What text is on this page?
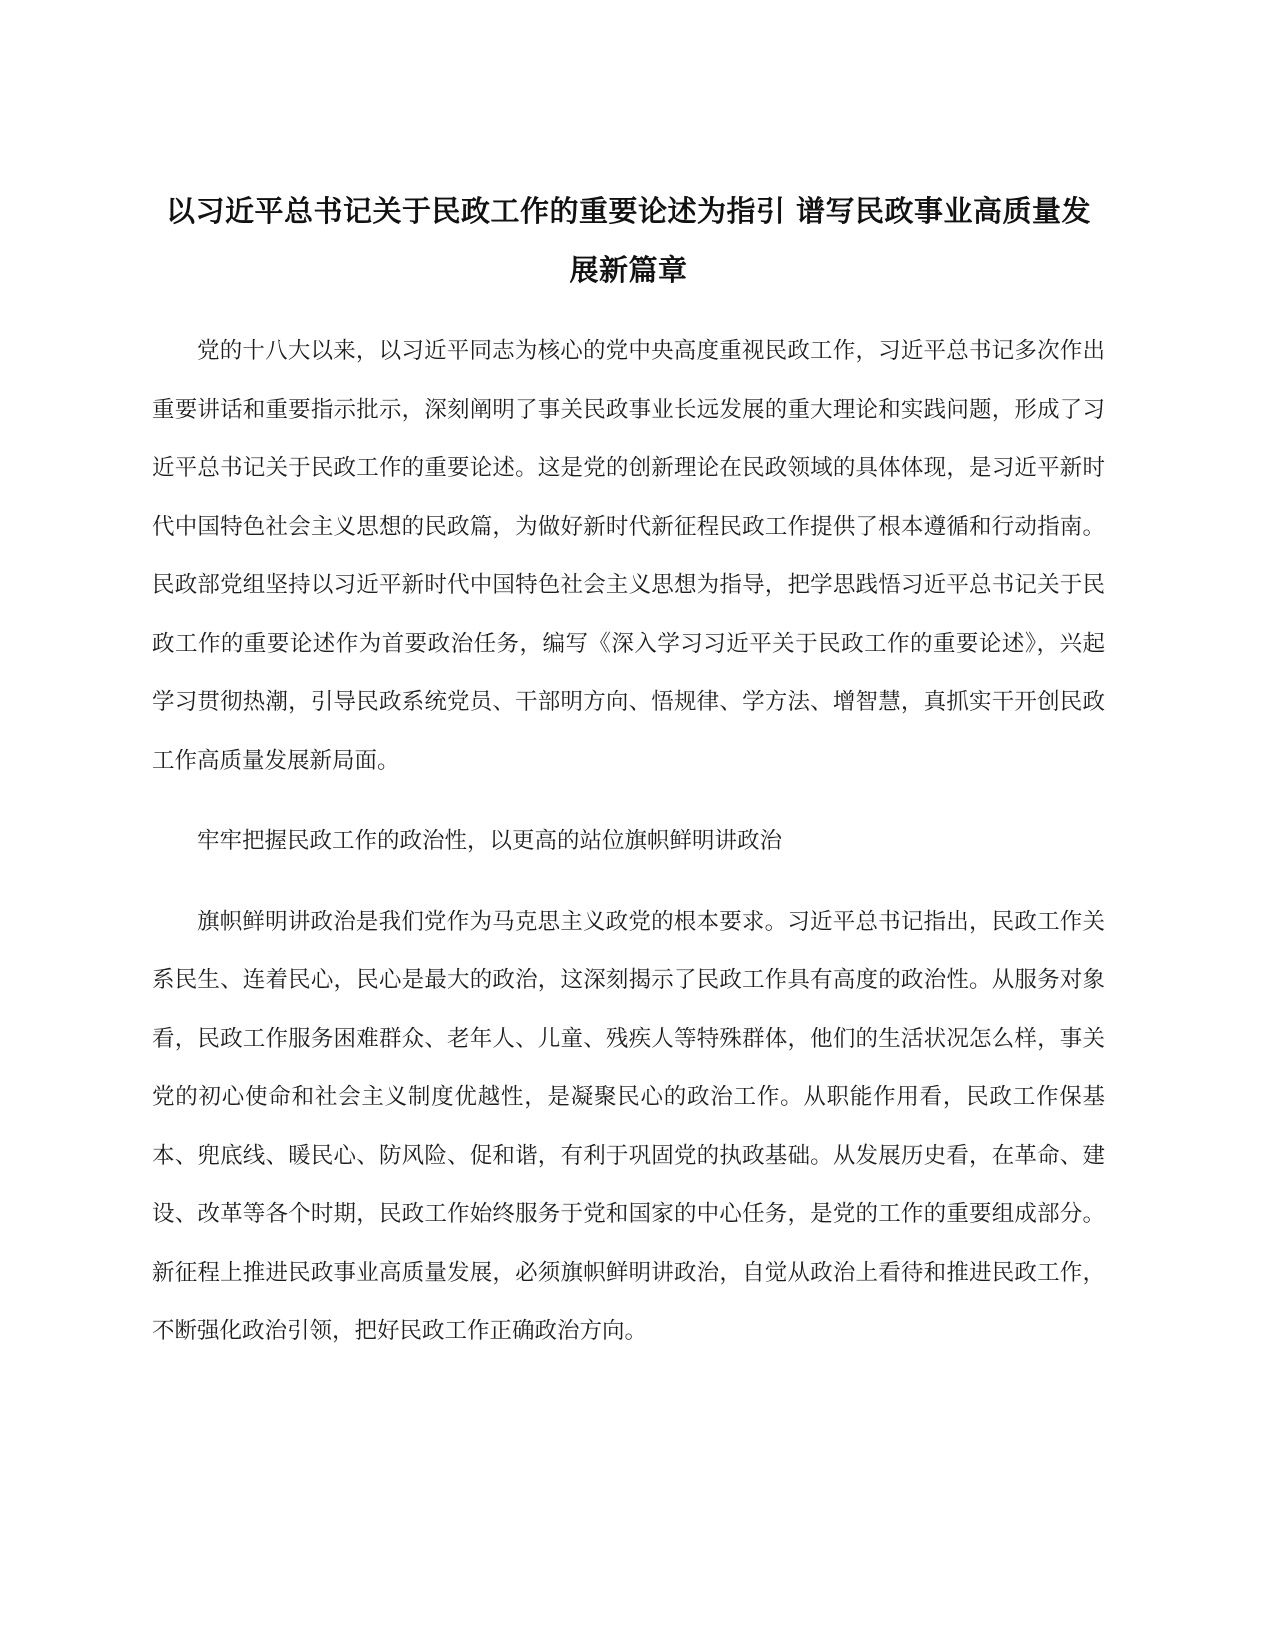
以习近平总书记关于民政工作的重要论述为指引 谱写民政事业高质量发展新篇章

党的十八大以来，以习近平同志为核心的党中央高度重视民政工作，习近平总书记多次作出重要讲话和重要指示批示，深刻阐明了事关民政事业长远发展的重大理论和实践问题，形成了习近平总书记关于民政工作的重要论述。这是党的创新理论在民政领域的具体体现，是习近平新时代中国特色社会主义思想的民政篇，为做好新时代新征程民政工作提供了根本遵循和行动指南。民政部党组坚持以习近平新时代中国特色社会主义思想为指导，把学思践悟习近平总书记关于民政工作的重要论述作为首要政治任务，编写《深入学习习近平关于民政工作的重要论述》，兴起学习贯彻热潮，引导民政系统党员、干部明方向、悟规律、学方法、增智慧，真抓实干开创民政工作高质量发展新局面。

牢牢把握民政工作的政治性，以更高的站位旗帜鲜明讲政治

旗帜鲜明讲政治是我们党作为马克思主义政党的根本要求。习近平总书记指出，民政工作关系民生、连着民心，民心是最大的政治，这深刻揭示了民政工作具有高度的政治性。从服务对象看，民政工作服务困难群众、老年人、儿童、残疾人等特殊群体，他们的生活状况怎么样，事关党的初心使命和社会主义制度优越性，是凝聚民心的政治工作。从职能作用看，民政工作保基本、兜底线、暖民心、防风险、促和谐，有利于巩固党的执政基础。从发展历史看，在革命、建设、改革等各个时期，民政工作始终服务于党和国家的中心任务，是党的工作的重要组成部分。新征程上推进民政事业高质量发展，必须旗帜鲜明讲政治，自觉从政治上看待和推进民政工作，不断强化政治引领，把好民政工作正确政治方向。
